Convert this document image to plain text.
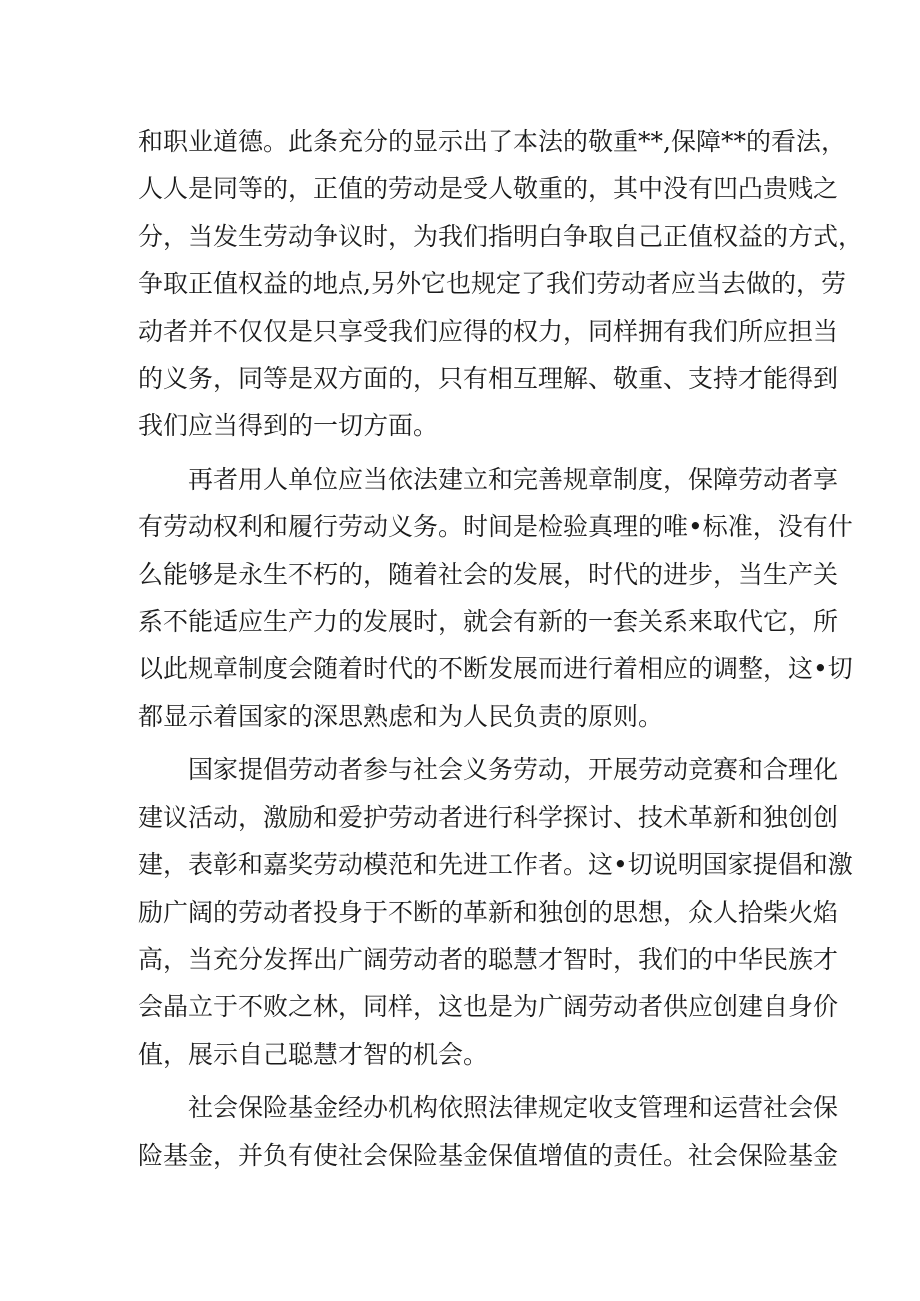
和职业道德。此条充分的显示出了本法的敬重**,保障**的看法，
人人是同等的，正值的劳动是受人敬重的，其中没有凹凸贵贱之
分，当发生劳动争议时，为我们指明白争取自己正值权益的方式，
争取正值权益的地点,另外它也规定了我们劳动者应当去做的，劳
动者并不仅仅是只享受我们应得的权力，同样拥有我们所应担当
的义务，同等是双方面的，只有相互理解、敬重、支持才能得到
我们应当得到的一切方面。

再者用人单位应当依法建立和完善规章制度，保障劳动者享
有劳动权利和履行劳动义务。时间是检验真理的唯•标准，没有什
么能够是永生不朽的，随着社会的发展，时代的进步，当生产关
系不能适应生产力的发展时，就会有新的一套关系来取代它，所
以此规章制度会随着时代的不断发展而进行着相应的调整，这•切
都显示着国家的深思熟虑和为人民负责的原则。

国家提倡劳动者参与社会义务劳动，开展劳动竞赛和合理化
建议活动，激励和爱护劳动者进行科学探讨、技术革新和独创创
建，表彰和嘉奖劳动模范和先进工作者。这•切说明国家提倡和激
励广阔的劳动者投身于不断的革新和独创的思想，众人拾柴火焰
高，当充分发挥出广阔劳动者的聪慧才智时，我们的中华民族才
会晶立于不败之林，同样，这也是为广阔劳动者供应创建自身价
值，展示自己聪慧才智的机会。

社会保险基金经办机构依照法律规定收支管理和运营社会保
险基金，并负有使社会保险基金保值增值的责任。社会保险基金
